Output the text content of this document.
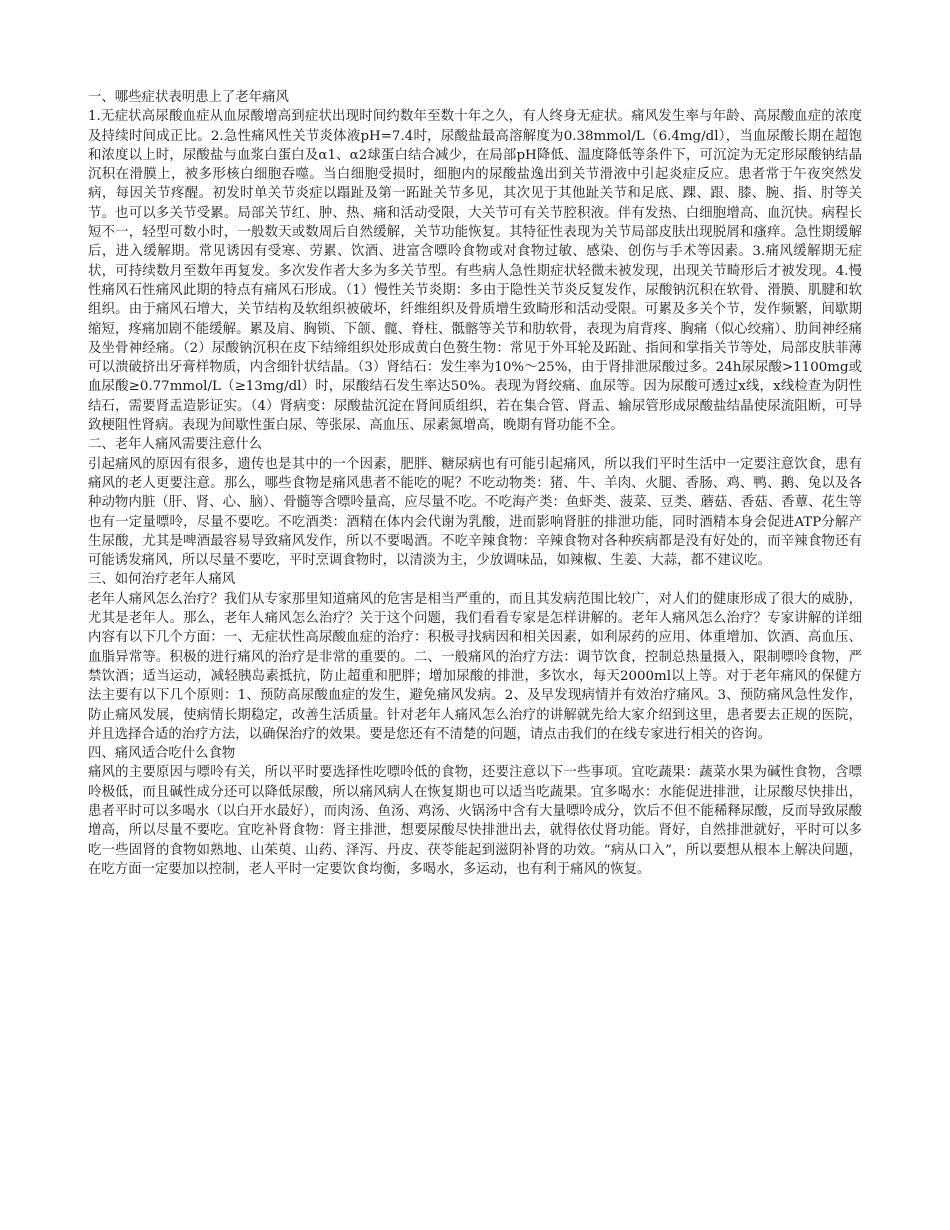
一、哪些症状表明患上了老年痛风

1.无症状高尿酸血症从血尿酸增高到症状出现时间约数年至数十年之久，有人终身无症状。痛风发生率与年龄、高尿酸血症的浓度及持续时间成正比。2.急性痛风性关节炎体液pH=7.4时，尿酸盐最高溶解度为0.38mmol/L（6.4mg/dl），当血尿酸长期在超饱和浓度以上时，尿酸盐与血浆白蛋白及α1、α2球蛋白结合减少，在局部pH降低、温度降低等条件下，可沉淀为无定形尿酸钠结晶沉积在滑膜上，被多形核白细胞吞噬。当白细胞受损时，细胞内的尿酸盐逸出到关节滑液中引起炎症反应。患者常于午夜突然发病，每因关节疼醒。初发时单关节炎症以蹋趾及第一跖趾关节多见，其次见于其他趾关节和足底、踝、跟、膝、腕、指、肘等关节。也可以多关节受累。局部关节红、肿、热、痛和活动受限，大关节可有关节腔积液。伴有发热、白细胞增高、血沉快。病程长短不一，轻型可数小时，一般数天或数周后自然缓解，关节功能恢复。其特征性表现为关节局部皮肤出现脱屑和瘙痒。急性期缓解后，进入缓解期。常见诱因有受寒、劳累、饮酒、进富含嘌呤食物或对食物过敏、感染、创伤与手术等因素。3.痛风缓解期无症状，可持续数月至数年再复发。多次发作者大多为多关节型。有些病人急性期症状轻微未被发现，出现关节畸形后才被发现。4.慢性痛风石性痛风此期的特点有痛风石形成。（1）慢性关节炎期：多由于隐性关节炎反复发作，尿酸钠沉积在软骨、滑膜、肌腱和软组织。由于痛风石增大，关节结构及软组织被破坏，纤维组织及骨质增生致畸形和活动受限。可累及多关个节，发作频繁，间歇期缩短，疼痛加剧不能缓解。累及肩、胸锁、下颌、髋、脊柱、骶髂等关节和肋软骨，表现为肩背疼、胸痛（似心绞痛）、肋间神经痛及坐骨神经痛。（2）尿酸钠沉积在皮下结缔组织处形成黄白色赘生物：常见于外耳轮及跖趾、指间和掌指关节等处，局部皮肤菲薄可以溃破挤出牙膏样物质，内含细针状结晶。（3）肾结石：发生率为10%～25%，由于肾排泄尿酸过多。24h尿尿酸>1100mg或血尿酸≥0.77mmol/L（≥13mg/dl）时，尿酸结石发生率达50%。表现为肾绞痛、血尿等。因为尿酸可透过x线，x线检查为阴性结石，需要肾盂造影证实。（4）肾病变：尿酸盐沉淀在肾间质组织，若在集合管、肾盂、输尿管形成尿酸盐结晶使尿流阻断，可导致梗阻性肾病。表现为间歇性蛋白尿、等张尿、高血压、尿素氮增高，晚期有肾功能不全。

二、老年人痛风需要注意什么

引起痛风的原因有很多，遗传也是其中的一个因素，肥胖、糖尿病也有可能引起痛风，所以我们平时生活中一定要注意饮食，患有痛风的老人更要注意。那么，哪些食物是痛风患者不能吃的呢？不吃动物类：猪、牛、羊肉、火腿、香肠、鸡、鸭、鹅、兔以及各种动物内脏（肝、肾、心、脑）、骨髓等含嘌呤量高，应尽量不吃。不吃海产类：鱼虾类、菠菜、豆类、蘑菇、香菇、香蕈、花生等也有一定量嘌呤，尽量不要吃。不吃酒类：酒精在体内会代谢为乳酸，进而影响肾脏的排泄功能，同时酒精本身会促进ATP分解产生尿酸，尤其是啤酒最容易导致痛风发作，所以不要喝酒。不吃辛辣食物：辛辣食物对各种疾病都是没有好处的，而辛辣食物还有可能诱发痛风，所以尽量不要吃，平时烹调食物时，以清淡为主，少放调味品，如辣椒、生姜、大蒜，都不建议吃。

三、如何治疗老年人痛风

老年人痛风怎么治疗？我们从专家那里知道痛风的危害是相当严重的，而且其发病范围比较广，对人们的健康形成了很大的威胁，尤其是老年人。那么，老年人痛风怎么治疗？关于这个问题，我们看看专家是怎样讲解的。老年人痛风怎么治疗？专家讲解的详细内容有以下几个方面：一、无症状性高尿酸血症的治疗：积极寻找病因和相关因素，如利尿药的应用、体重增加、饮酒、高血压、血脂异常等。积极的进行痛风的治疗是非常的重要的。二、一般痛风的治疗方法：调节饮食，控制总热量摄入，限制嘌呤食物，严禁饮酒；适当运动，减轻胰岛素抵抗，防止超重和肥胖；增加尿酸的排泄，多饮水，每天2000ml以上等。对于老年痛风的保健方法主要有以下几个原则：1、预防高尿酸血症的发生，避免痛风发病。2、及早发现病情并有效治疗痛风。3、预防痛风急性发作，防止痛风发展，使病情长期稳定，改善生活质量。针对老年人痛风怎么治疗的讲解就先给大家介绍到这里，患者要去正规的医院，并且选择合适的治疗方法，以确保治疗的效果。要是您还有不清楚的问题，请点击我们的在线专家进行相关的咨询。

四、痛风适合吃什么食物

痛风的主要原因与嘌呤有关，所以平时要选择性吃嘌呤低的食物，还要注意以下一些事项。宜吃蔬果：蔬菜水果为碱性食物，含嘌呤极低，而且碱性成分还可以降低尿酸，所以痛风病人在恢复期也可以适当吃蔬果。宜多喝水：水能促进排泄，让尿酸尽快排出，患者平时可以多喝水（以白开水最好），而肉汤、鱼汤、鸡汤、火锅汤中含有大量嘌呤成分，饮后不但不能稀释尿酸，反而导致尿酸增高，所以尽量不要吃。宜吃补肾食物：肾主排泄，想要尿酸尽快排泄出去，就得依仗肾功能。肾好，自然排泄就好，平时可以多吃一些固肾的食物如熟地、山茱萸、山药、泽泻、丹皮、茯苓能起到滋阴补肾的功效。“病从口入”，所以要想从根本上解决问题，在吃方面一定要加以控制，老人平时一定要饮食均衡，多喝水，多运动，也有利于痛风的恢复。
